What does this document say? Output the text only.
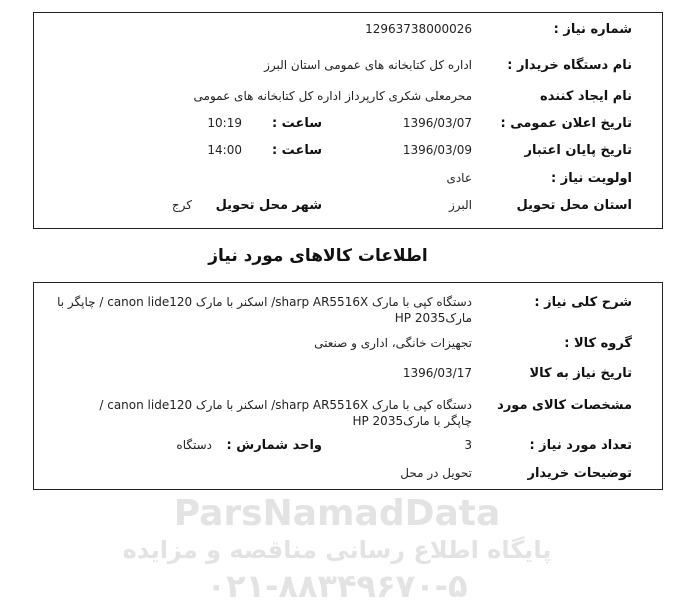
شماره نیاز :
12963738000026
نام دستگاه خریدار :
اداره کل کتابخانه های عمومی استان البرز
نام ایجاد کننده
محرمعلی شکری کارپرداز اداره کل کتابخانه های عمومی
تاریخ اعلان عمومی :
1396/03/07
ساعت :
10:19
تاریخ پایان اعتبار
1396/03/09
ساعت :
14:00
اولویت نیاز :
عادی
استان محل تحویل
البرز
شهر محل تحویل
کرج
اطلاعات کالاهای مورد نیاز
شرح کلی نیاز :
دستگاه کپی با مارک sharp AR5516X/ اسکنر با مارک canon lide120 / چاپگر با
مارکHP 2035
گروه کالا :
تجهیزات خانگی، اداری و صنعتی
تاریخ نیاز به کالا
1396/03/17
مشخصات کالای مورد
دستگاه کپی با مارک sharp AR5516X/ اسکنر با مارک canon lide120 /
چاپگر با مارکHP 2035
تعداد مورد نیاز :
3
واحد شمارش :
دستگاه
توضیحات خریدار
تحویل در محل
ParsNamadData
پایگاه اطلاع رسانی مناقصه و مزایده
۰۲۱-۸۸۳۴۹۶۷۰-۵
